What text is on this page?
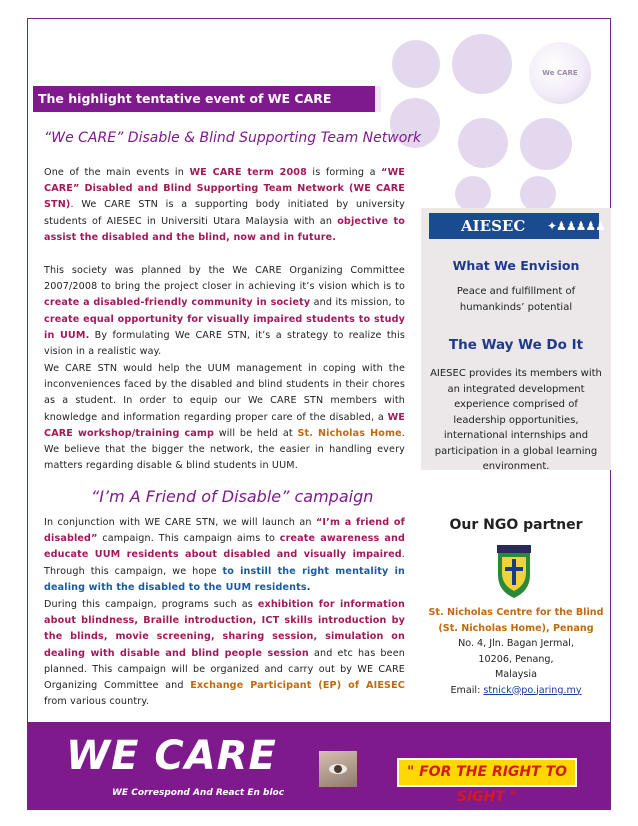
We CARE
The highlight tentative event of WE CARE 2008:
“We CARE” Disable & Blind Supporting Team Network
One of the main events in WE CARE term 2008 is forming a “WE CARE” Disabled and Blind Supporting Team Network (WE CARE STN). We CARE STN is a supporting body initiated by university students of AIESEC in Universiti Utara Malaysia with an objective to assist the disabled and the blind, now and in future.
This society was planned by the We CARE Organizing Committee 2007/2008 to bring the project closer in achieving it’s vision which is to create a disabled-friendly community in society and its mission, to create equal opportunity for visually impaired students to study in UUM. By formulating We CARE STN, it’s a strategy to realize this vision in a realistic way.
We CARE STN would help the UUM management in coping with the inconveniences faced by the disabled and blind students in their chores as a student. In order to equip our We CARE STN members with knowledge and information regarding proper care of the disabled, a WE CARE workshop/training camp will be held at St. Nicholas Home. We believe that the bigger the network, the easier in handling every matters regarding disable & blind students in UUM.
“I’m A Friend of Disable” campaign
In conjunction with WE CARE STN, we will launch an “I’m a friend of disabled” campaign. This campaign aims to create awareness and educate UUM residents about disabled and visually impaired. Through this campaign, we hope to instill the right mentality in dealing with the disabled to the UUM residents.
During this campaign, programs such as exhibition for information about blindness, Braille introduction, ICT skills introduction by the blinds, movie screening, sharing session, simulation on dealing with disable and blind people session and etc has been planned. This campaign will be organized and carry out by WE CARE Organizing Committee and Exchange Participant (EP) of AIESEC from various country.
AIESEC ✦♟♟♟♟♟
What We Envision
Peace and fulfillment of humankinds’ potential
The Way We Do It
AIESEC provides its members with an integrated development experience comprised of leadership opportunities, international internships and participation in a global learning environment.
Our NGO partner
St. Nicholas Centre for the Blind
(St. Nicholas Home), Penang
No. 4, Jln. Bagan Jermal,
10206, Penang,
Malaysia
Email: stnick@po.jaring.my
WE CARE
WE Correspond And React En bloc
" FOR THE RIGHT TO SIGHT "
